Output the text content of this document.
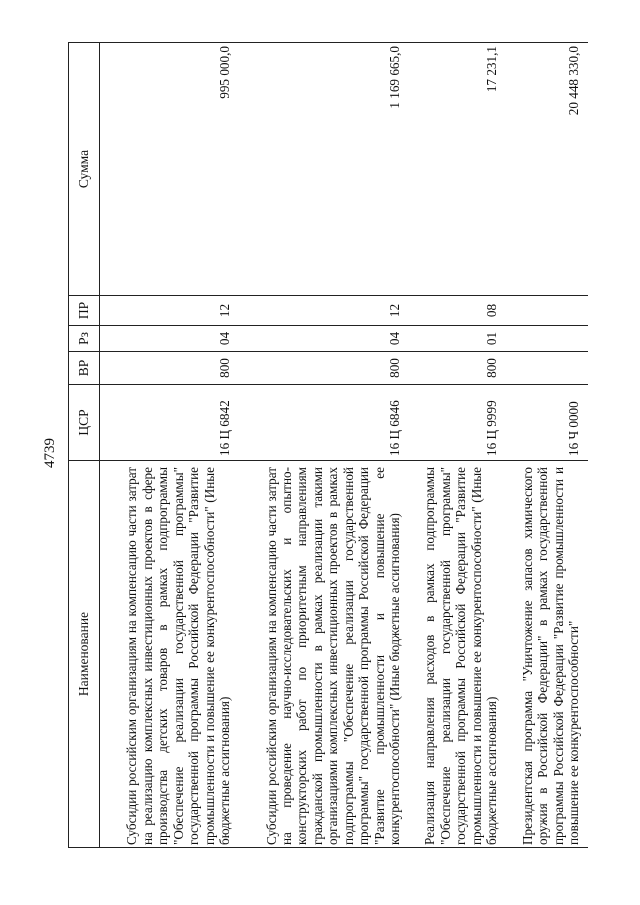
4739
Наименование	ЦСР	ВР	Рз	ПР	Сумма
Субсидии российским организациям на компенсацию части затрат на реализацию комплексных инвестиционных проектов в сфере производства детских товаров в рамках подпрограммы "Обеспечение реализации государственной программы" государственной программы Российской Федерации "Развитие промышленности и повышение ее конкурентоспособности" (Иные бюджетные ассигнования)	16 Ц 6842	800	04	12	995 000,0
Субсидии российским организациям на компенсацию части затрат на проведение научно-исследовательских и опытно-конструкторских работ по приоритетным направлениям гражданской промышленности в рамках реализации такими организациями комплексных инвестиционных проектов в рамках подпрограммы "Обеспечение реализации государственной программы" государственной программы Российской Федерации "Развитие промышленности и повышение ее конкурентоспособности" (Иные бюджетные ассигнования)	16 Ц 6846	800	04	12	1 169 665,0
Реализация направления расходов в рамках подпрограммы "Обеспечение реализации государственной программы" государственной программы Российской Федерации "Развитие промышленности и повышение ее конкурентоспособности" (Иные бюджетные ассигнования)	16 Ц 9999	800	01	08	17 231,1
Президентская программа "Уничтожение запасов химического оружия в Российской Федерации" в рамках государственной программы Российской Федерации "Развитие промышленности и повышение ее конкурентоспособности"	16 Ч 0000				20 448 330,0
